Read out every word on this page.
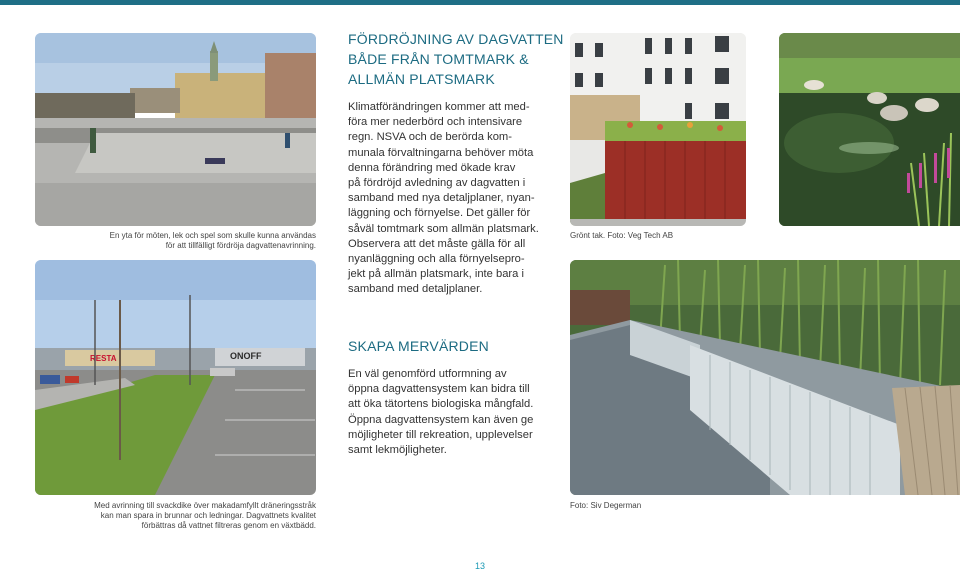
En yta för möten, lek och spel som skulle kunna användas
för att tillfälligt fördröja dagvattenavrinning.
RESTA	ONOFF
Med avrinning till svackdike över makadamfyllt dräneringsstråk
kan man spara in brunnar och ledningar. Dagvattnets kvalitet
förbättras då vattnet filtreras genom en växtbädd.
FÖRDRÖJNING AV DAGVATTEN
BÅDE FRÅN TOMTMARK &
ALLMÄN PLATSMARK
Klimatförändringen kommer att med-
föra mer nederbörd och intensivare
regn. NSVA och de berörda kom-
munala förvaltningarna behöver möta
denna förändring med ökade krav
på fördröjd avledning av dagvatten i
samband med nya detaljplaner, nyan-
läggning och förnyelse. Det gäller för
såväl tomtmark som allmän platsmark.
Observera att det måste gälla för all
nyanläggning och alla förnyelsepro-
jekt på allmän platsmark, inte bara i
samband med detaljplaner.
SKAPA MERVÄRDEN
En väl genomförd utformning av
öppna dagvattensystem kan bidra till
att öka tätortens biologiska mångfald.
Öppna dagvattensystem kan även ge
möjligheter till rekreation, upplevelser
samt lekmöjligheter.
Grönt tak. Foto: Veg Tech AB
Foto: Siv Degerman
13
